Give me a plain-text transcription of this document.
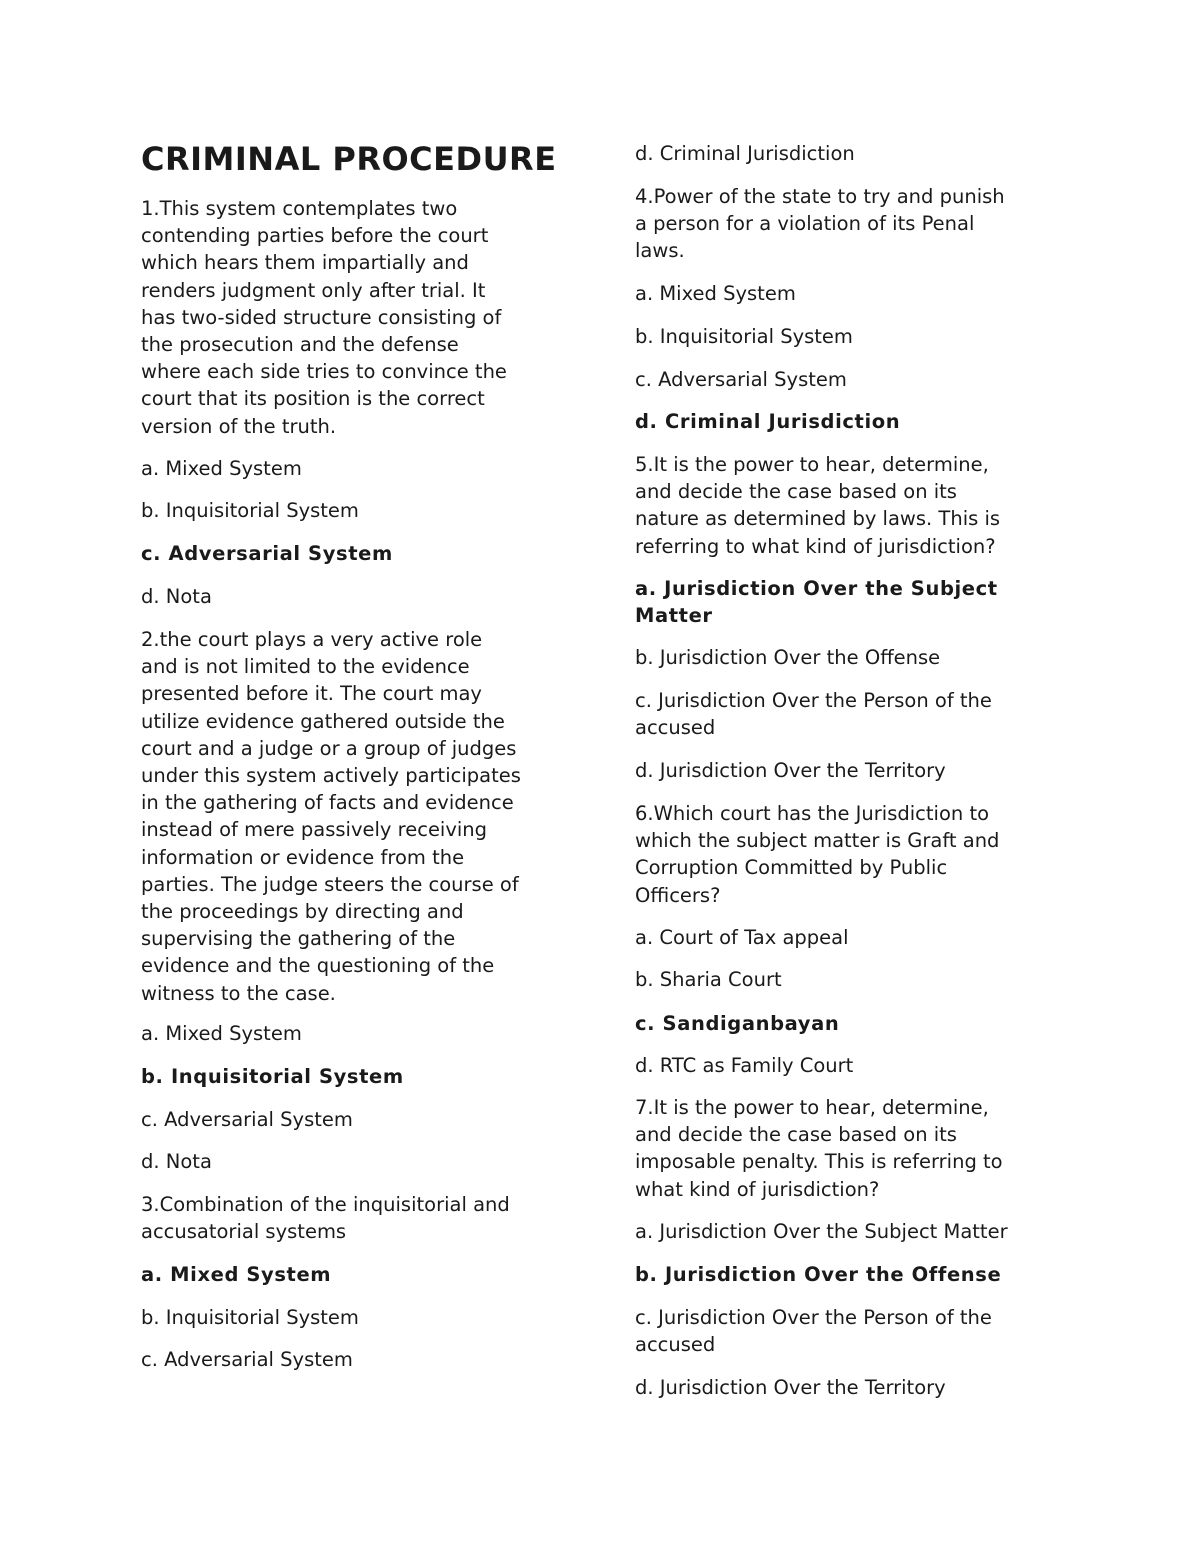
CRIMINAL PROCEDURE

1.This system contemplates two
contending parties before the court
which hears them impartially and
renders judgment only after trial. It
has two-sided structure consisting of
the prosecution and the defense
where each side tries to convince the
court that its position is the correct
version of the truth.

a. Mixed System

b. Inquisitorial System

c. Adversarial System

d. Nota

2.the court plays a very active role
and is not limited to the evidence
presented before it. The court may
utilize evidence gathered outside the
court and a judge or a group of judges
under this system actively participates
in the gathering of facts and evidence
instead of mere passively receiving
information or evidence from the
parties. The judge steers the course of
the proceedings by directing and
supervising the gathering of the
evidence and the questioning of the
witness to the case.

a. Mixed System

b. Inquisitorial System

c. Adversarial System

d. Nota

3.Combination of the inquisitorial and
accusatorial systems

a. Mixed System

b. Inquisitorial System

c. Adversarial System

d. Criminal Jurisdiction

4.Power of the state to try and punish
a person for a violation of its Penal
laws.

a. Mixed System

b. Inquisitorial System

c. Adversarial System

d. Criminal Jurisdiction

5.It is the power to hear, determine,
and decide the case based on its
nature as determined by laws. This is
referring to what kind of jurisdiction?

a. Jurisdiction Over the Subject
Matter

b. Jurisdiction Over the Offense

c. Jurisdiction Over the Person of the
accused

d. Jurisdiction Over the Territory

6.Which court has the Jurisdiction to
which the subject matter is Graft and
Corruption Committed by Public
Officers?

a. Court of Tax appeal

b. Sharia Court

c. Sandiganbayan

d. RTC as Family Court

7.It is the power to hear, determine,
and decide the case based on its
imposable penalty. This is referring to
what kind of jurisdiction?

a. Jurisdiction Over the Subject Matter

b. Jurisdiction Over the Offense

c. Jurisdiction Over the Person of the
accused

d. Jurisdiction Over the Territory
